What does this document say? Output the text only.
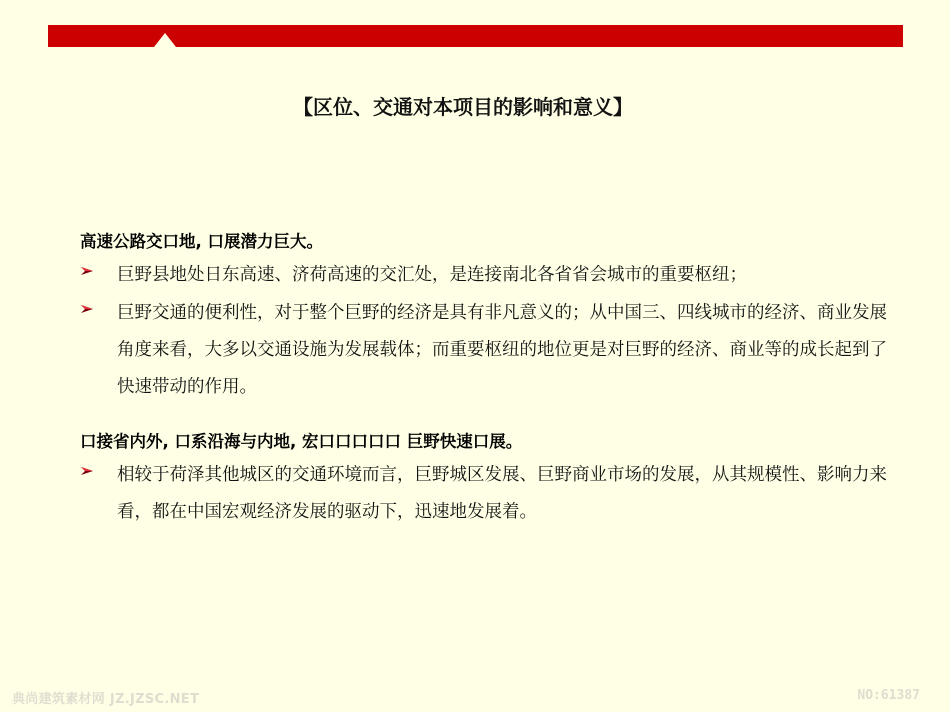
【区位、交通对本项目的影响和意义】
高速公路交口地, 口展潜力巨大。
巨野县地处日东高速、济荷高速的交汇处，是连接南北各省省会城市的重要枢纽；
巨野交通的便利性，对于整个巨野的经济是具有非凡意义的；从中国三、四线城市的经济、商业发展角度来看，大多以交通设施为发展载体；而重要枢纽的地位更是对巨野的经济、商业等的成长起到了快速带动的作用。
口接省内外, 口系沿海与内地, 宏口口口口口 巨野快速口展。
相较于荷泽其他城区的交通环境而言，巨野城区发展、巨野商业市场的发展，从其规模性、影响力来看，都在中国宏观经济发展的驱动下，迅速地发展着。
典尚建筑素材网 JZ.JZSC.NET	NO:61387
